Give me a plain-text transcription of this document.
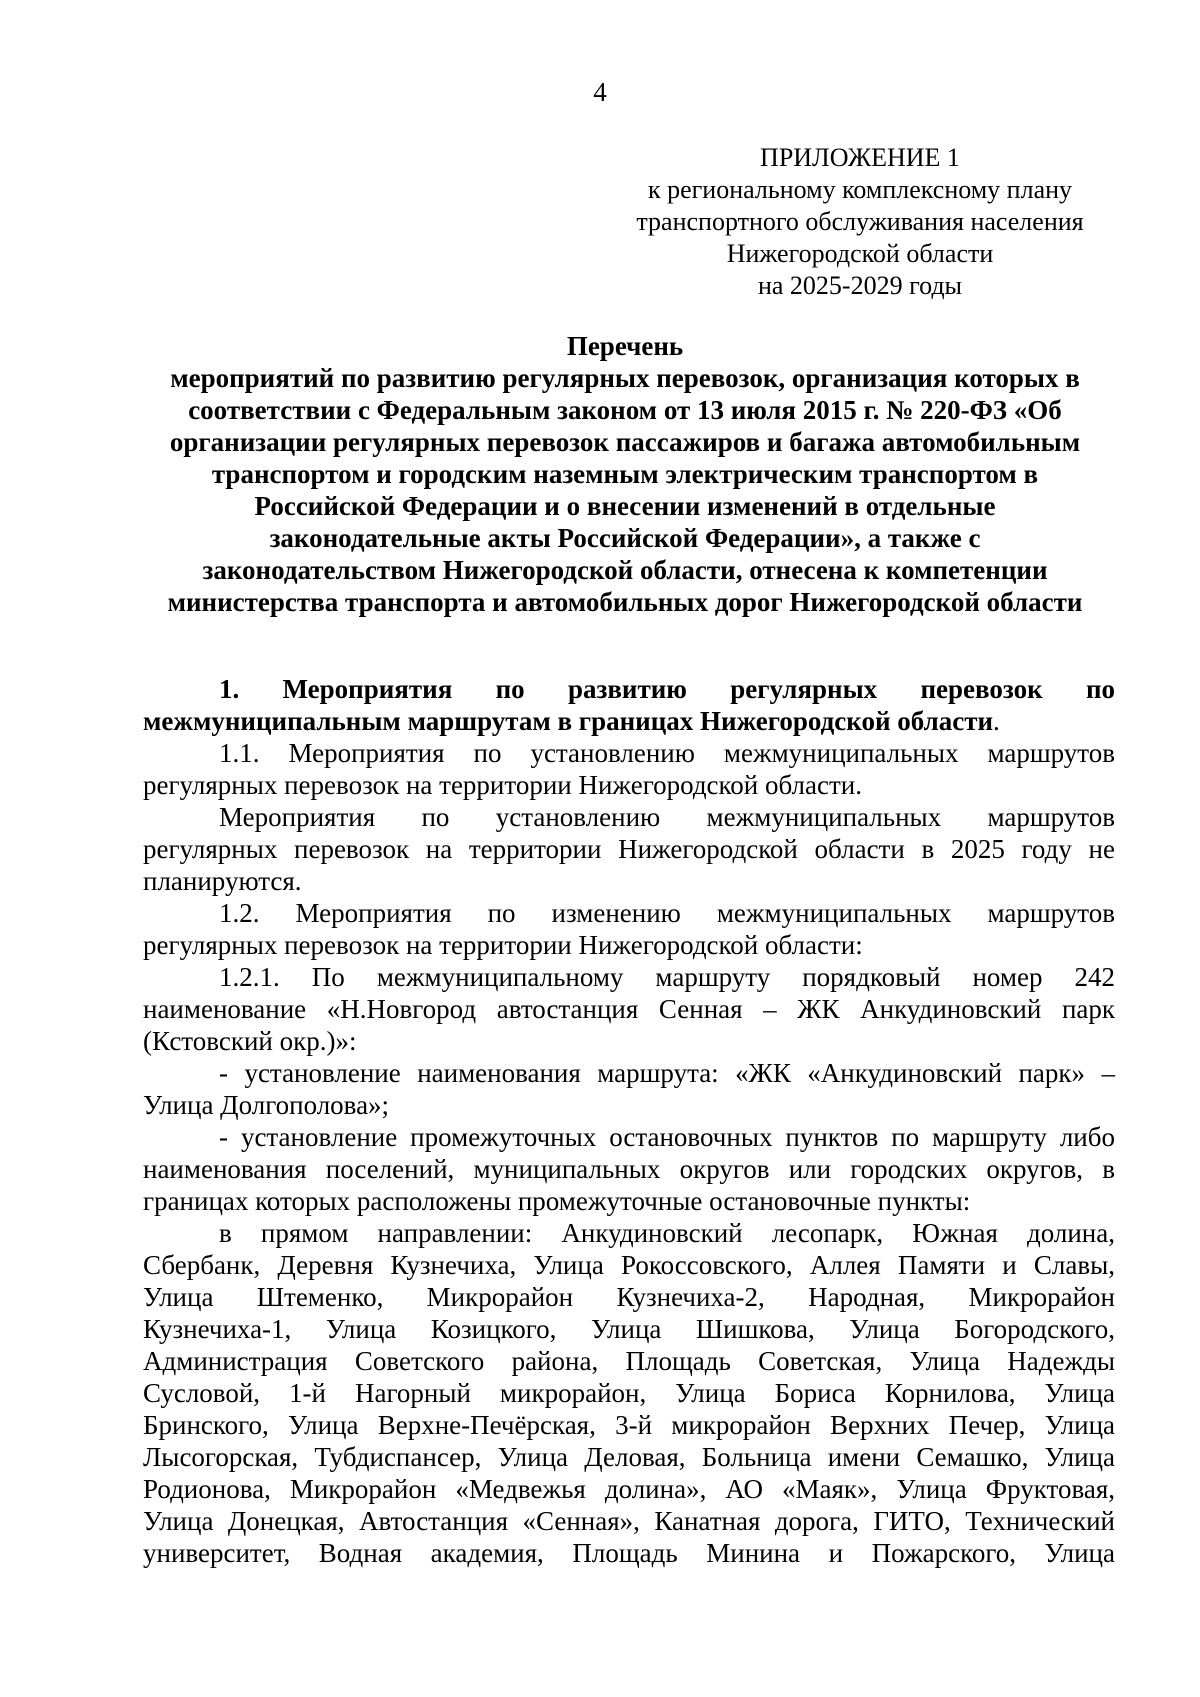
4
ПРИЛОЖЕНИЕ 1
к региональному комплексному плану
транспортного обслуживания населения
Нижегородской области
на 2025-2029 годы
Перечень
мероприятий по развитию регулярных перевозок, организация которых в
соответствии с Федеральным законом от 13 июля 2015 г. № 220-ФЗ «Об
организации регулярных перевозок пассажиров и багажа автомобильным
транспортом и городским наземным электрическим транспортом в
Российской Федерации и о внесении изменений в отдельные
законодательные акты Российской Федерации», а также с
законодательством Нижегородской области, отнесена к компетенции
министерства транспорта и автомобильных дорог Нижегородской области
1. Мероприятия по развитию регулярных перевозок по
межмуниципальным маршрутам в границах Нижегородской области.
1.1. Мероприятия по установлению межмуниципальных маршрутов
регулярных перевозок на территории Нижегородской области.
Мероприятия по установлению межмуниципальных маршрутов
регулярных перевозок на территории Нижегородской области в 2025 году не
планируются.
1.2. Мероприятия по изменению межмуниципальных маршрутов
регулярных перевозок на территории Нижегородской области:
1.2.1. По межмуниципальному маршруту порядковый номер 242
наименование «Н.Новгород автостанция Сенная – ЖК Анкудиновский парк
(Кстовский окр.)»:
- установление наименования маршрута: «ЖК «Анкудиновский парк» –
Улица Долгополова»;
- установление промежуточных остановочных пунктов по маршруту либо
наименования поселений, муниципальных округов или городских округов, в
границах которых расположены промежуточные остановочные пункты:
в прямом направлении: Анкудиновский лесопарк, Южная долина,
Сбербанк, Деревня Кузнечиха, Улица Рокоссовского, Аллея Памяти и Славы,
Улица Штеменко, Микрорайон Кузнечиха-2, Народная, Микрорайон
Кузнечиха-1, Улица Козицкого, Улица Шишкова, Улица Богородского,
Администрация Советского района, Площадь Советская, Улица Надежды
Сусловой, 1-й Нагорный микрорайон, Улица Бориса Корнилова, Улица
Бринского, Улица Верхне-Печёрская, 3-й микрорайон Верхних Печер, Улица
Лысогорская, Тубдиспансер, Улица Деловая, Больница имени Семашко, Улица
Родионова, Микрорайон «Медвежья долина», АО «Маяк», Улица Фруктовая,
Улица Донецкая, Автостанция «Сенная», Канатная дорога, ГИТО, Технический
университет, Водная академия, Площадь Минина и Пожарского, Улица
